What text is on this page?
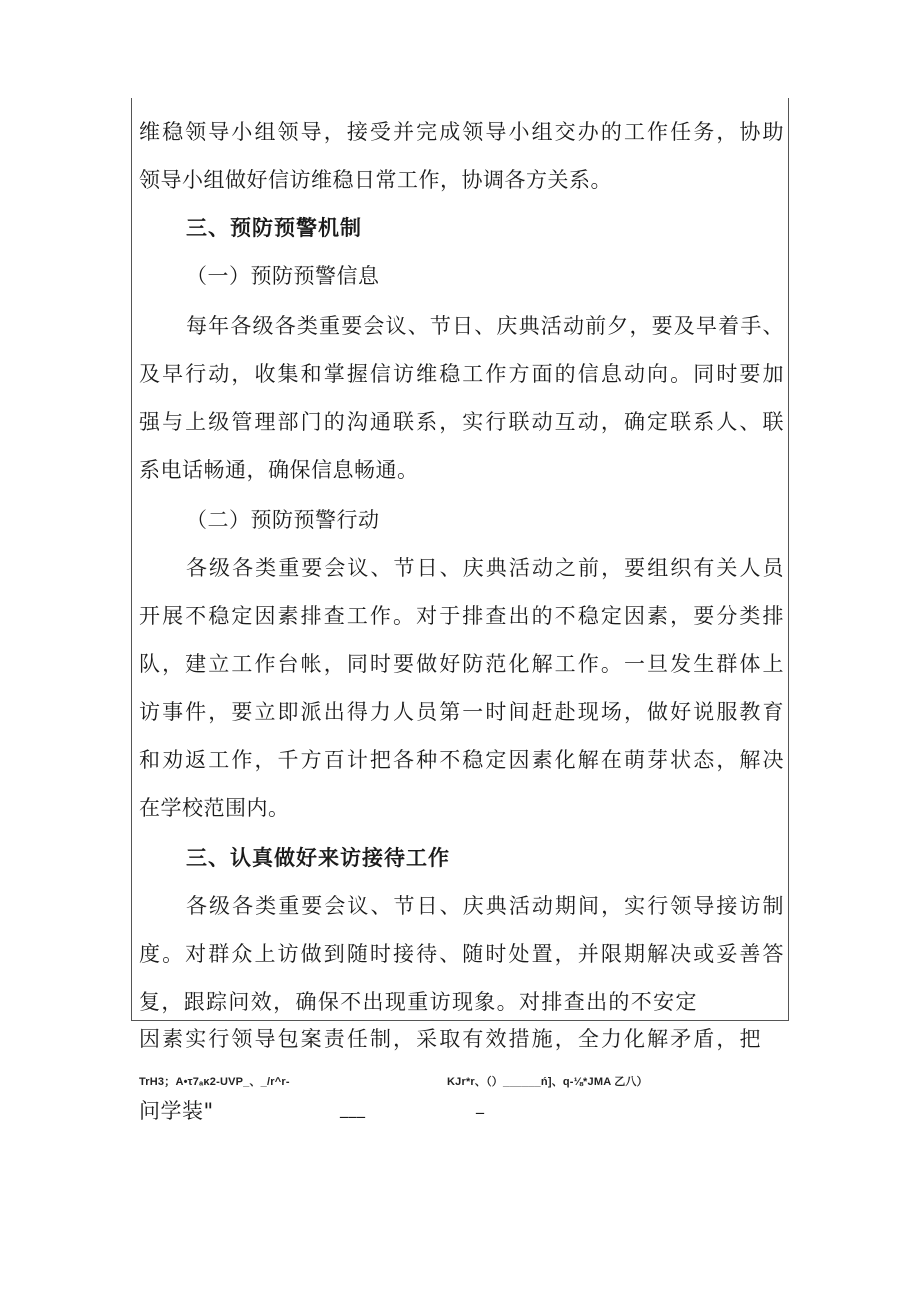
维稳领导小组领导，接受并完成领导小组交办的工作任务，协助
领导小组做好信访维稳日常工作，协调各方关系。
三、预防预警机制
（一）预防预警信息
每年各级各类重要会议、节日、庆典活动前夕，要及早着手、
及早行动，收集和掌握信访维稳工作方面的信息动向。同时要加
强与上级管理部门的沟通联系，实行联动互动，确定联系人、联
系电话畅通，确保信息畅通。
（二）预防预警行动
各级各类重要会议、节日、庆典活动之前，要组织有关人员
开展不稳定因素排查工作。对于排查出的不稳定因素，要分类排
队，建立工作台帐，同时要做好防范化解工作。一旦发生群体上
访事件，要立即派出得力人员第一时间赶赴现场，做好说服教育
和劝返工作，千方百计把各种不稳定因素化解在萌芽状态，解决
在学校范围内。
三、认真做好来访接待工作
各级各类重要会议、节日、庆典活动期间，实行领导接访制
度。对群众上访做到随时接待、随时处置，并限期解决或妥善答
复，跟踪问效，确保不出现重访现象。对排查出的不安定
因素实行领导包案责任制，采取有效措施，全力化解矛盾，把
TrH3；A•τ7ₐκ2-UVP_、_/r^r-	KJr*r、（）______ń]、q-⅛*JMA 乙八）
问学装"	___	_
